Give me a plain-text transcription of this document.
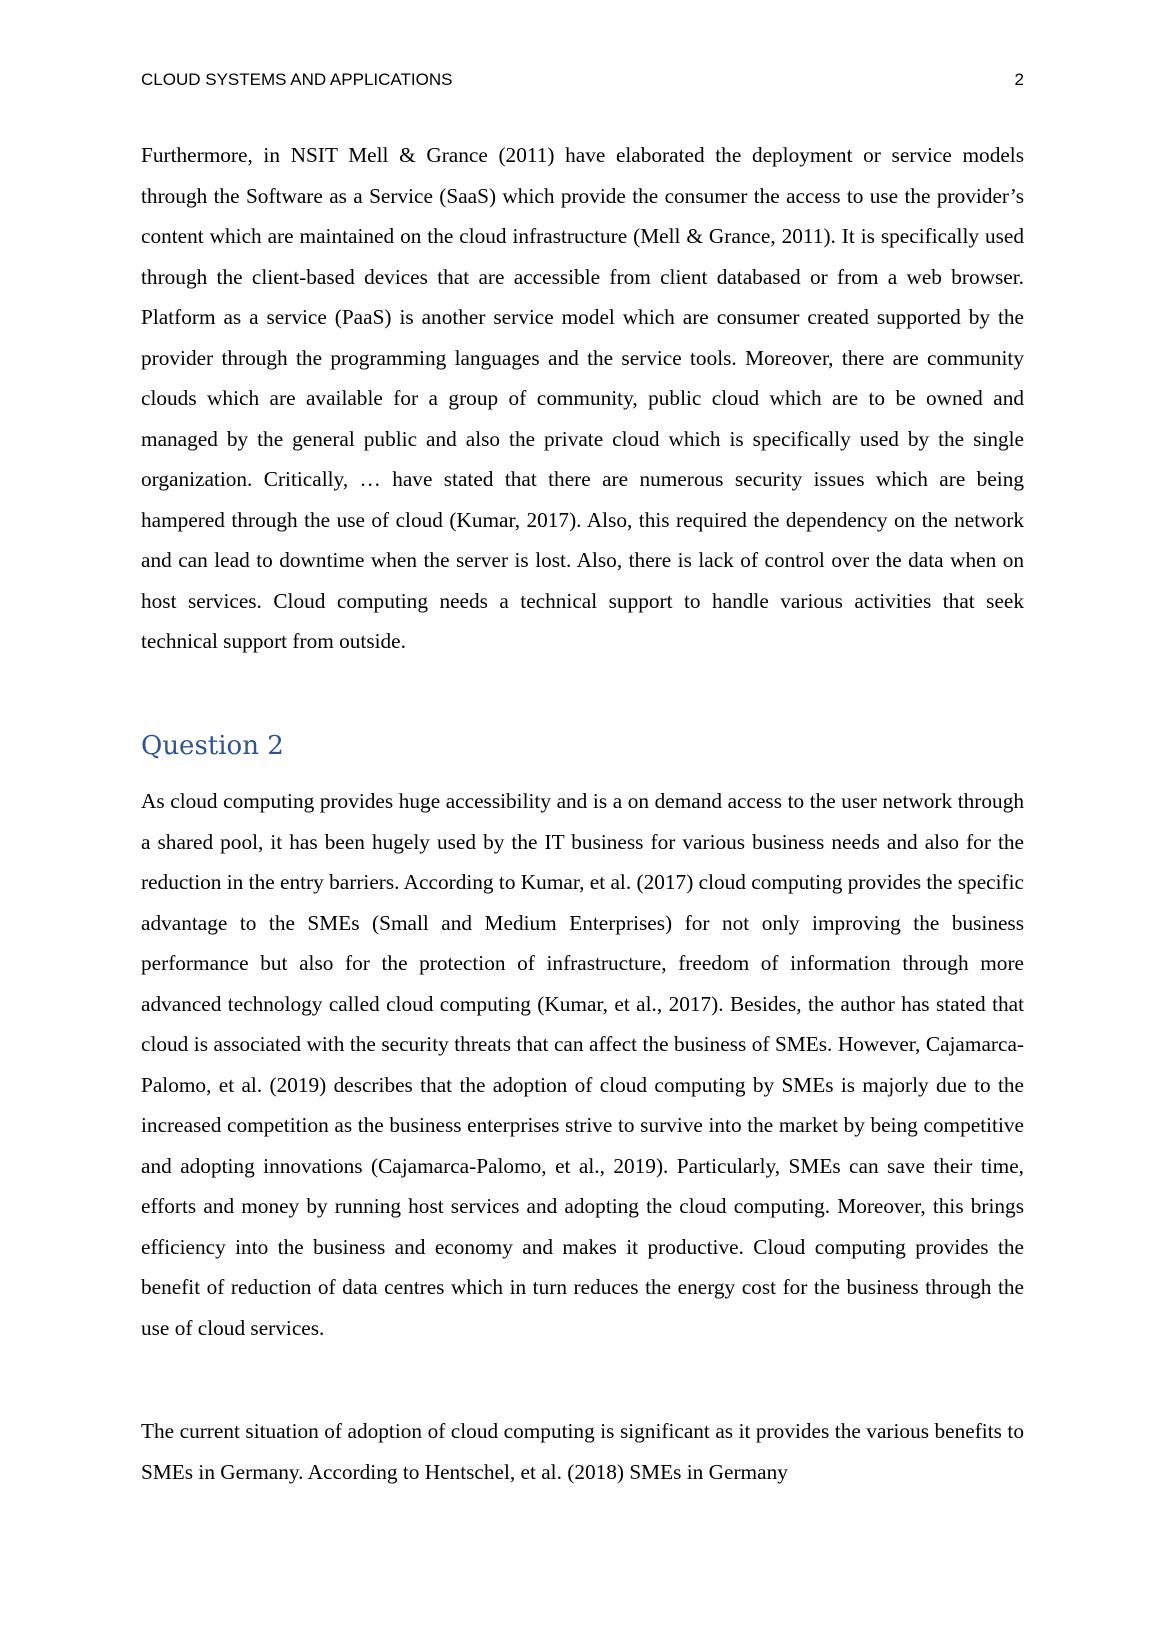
CLOUD SYSTEMS AND APPLICATIONS	2

Furthermore, in NSIT Mell & Grance (2011) have elaborated the deployment or service models through the Software as a Service (SaaS) which provide the consumer the access to use the provider’s content which are maintained on the cloud infrastructure (Mell & Grance, 2011). It is specifically used through the client-based devices that are accessible from client databased or from a web browser. Platform as a service (PaaS) is another service model which are consumer created supported by the provider through the programming languages and the service tools. Moreover, there are community clouds which are available for a group of community, public cloud which are to be owned and managed by the general public and also the private cloud which is specifically used by the single organization. Critically, … have stated that there are numerous security issues which are being hampered through the use of cloud (Kumar, 2017). Also, this required the dependency on the network and can lead to downtime when the server is lost. Also, there is lack of control over the data when on host services. Cloud computing needs a technical support to handle various activities that seek technical support from outside.

Question 2

As cloud computing provides huge accessibility and is a on demand access to the user network through a shared pool, it has been hugely used by the IT business for various business needs and also for the reduction in the entry barriers. According to Kumar, et al. (2017) cloud computing provides the specific advantage to the SMEs (Small and Medium Enterprises) for not only improving the business performance but also for the protection of infrastructure, freedom of information through more advanced technology called cloud computing (Kumar, et al., 2017). Besides, the author has stated that cloud is associated with the security threats that can affect the business of SMEs. However, Cajamarca-Palomo, et al. (2019) describes that the adoption of cloud computing by SMEs is majorly due to the increased competition as the business enterprises strive to survive into the market by being competitive and adopting innovations (Cajamarca-Palomo, et al., 2019). Particularly, SMEs can save their time, efforts and money by running host services and adopting the cloud computing. Moreover, this brings efficiency into the business and economy and makes it productive. Cloud computing provides the benefit of reduction of data centres which in turn reduces the energy cost for the business through the use of cloud services.

The current situation of adoption of cloud computing is significant as it provides the various benefits to SMEs in Germany. According to Hentschel, et al. (2018) SMEs in Germany
